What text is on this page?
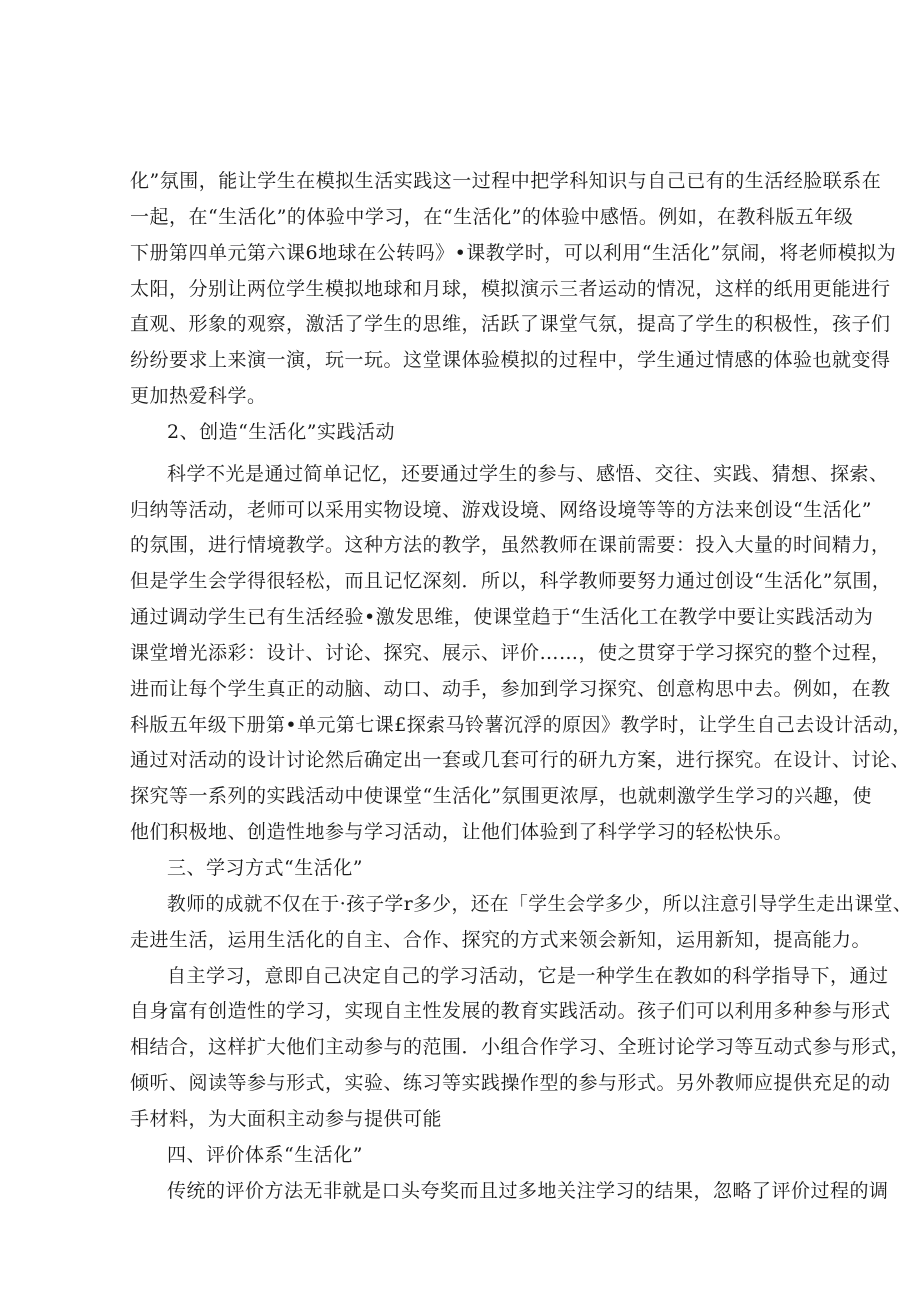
化”氛围，能让学生在模拟生活实践这一过程中把学科知识与自己已有的生活经脸联系在
一起，在“生活化”的体验中学习，在“生活化”的体验中感悟。例如，在教科版五年级
下册第四单元第六课6地球在公转吗》•课教学时，可以利用“生活化”氛闹，将老师模拟为
太阳，分别让两位学生模拟地球和月球，模拟演示三者运动的情况，这样的纸用更能进行
直观、形象的观察，激活了学生的思维，活跃了课堂气氛，提高了学生的积极性，孩子们
纷纷要求上来演一演，玩一玩。这堂课体验模拟的过程中，学生通过情感的体验也就变得
更加热爱科学。
2、创造“生活化”实践活动
科学不光是通过简单记忆，还要通过学生的参与、感悟、交往、实践、猜想、探索、
归纳等活动，老师可以采用实物设境、游戏设境、网络设境等等的方法来创设“生活化”
的氛围，进行情境教学。这种方法的教学，虽然教师在课前需要：投入大量的时间精力，
但是学生会学得很轻松，而且记忆深刻．所以，科学教师要努力通过创设“生活化”氛围，
通过调动学生已有生活经验•激发思维，使课堂趋于“生活化工在教学中要让实践活动为
课堂增光添彩：设计、讨论、探究、展示、评价……，使之贯穿于学习探究的整个过程，
进而让每个学生真正的动脑、动口、动手，参加到学习探究、创意构思中去。例如，在教
科版五年级下册第•单元第七课£探索马铃薯沉浮的原因》教学时，让学生自己去设计活动，
通过对活动的设计讨论然后确定出一套或几套可行的研九方案，进行探究。在设计、讨论、
探究等一系列的实践活动中使课堂“生活化”氛围更浓厚，也就刺激学生学习的兴趣，使
他们积极地、创造性地参与学习活动，让他们体验到了科学学习的轻松快乐。
三、学习方式“生活化”
教师的成就不仅在于·孩子学r多少，还在「学生会学多少，所以注意引导学生走出课堂、
走进生活，运用生活化的自主、合作、探究的方式来领会新知，运用新知，提高能力。
自主学习，意即自己决定自己的学习活动，它是一种学生在教如的科学指导下，通过
自身富有创造性的学习，实现自主性发展的教育实践活动。孩子们可以利用多种参与形式
相结合，这样扩大他们主动参与的范围．小组合作学习、全班讨论学习等互动式参与形式，
倾听、阅读等参与形式，实验、练习等实践操作型的参与形式。另外教师应提供充足的动
手材料，为大面积主动参与提供可能
四、评价体系“生活化”
传统的评价方法无非就是口头夸奖而且过多地关注学习的结果，忽略了评价过程的调
